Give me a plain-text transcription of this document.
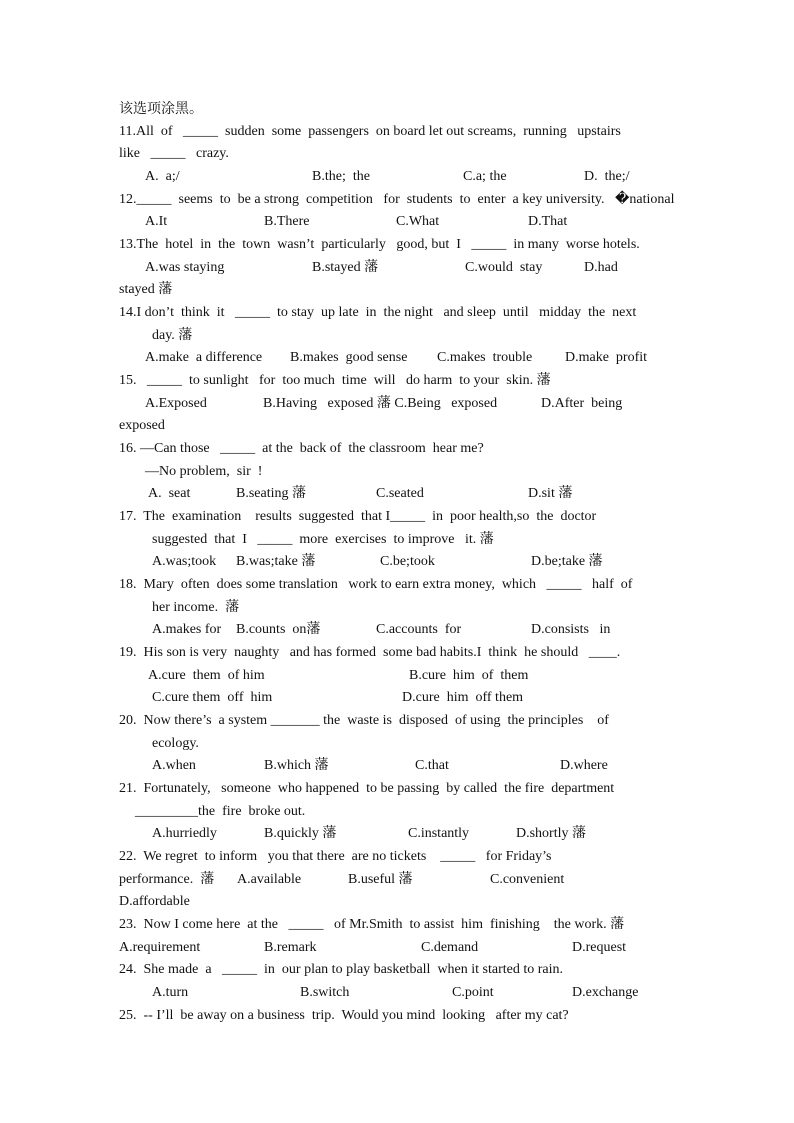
该选项涂黑。
11.All  of   _____  sudden  some  passengers  on board let out screams,  running   upstairs
like   _____   crazy.
A.  a;/	B.the;  the	C.a; the	D.  the;/
12._____  seems  to  be a strong  competition   for  students  to  enter  a key university.   �national
A.It	B.There	C.What	D.That
13.The  hotel  in  the  town  wasn’t  particularly   good, but  I   _____  in many  worse hotels.
A.was staying	B.stayed 藩	C.would  stay	D.had
stayed 藩
14.I don’t  think  it   _____  to stay  up late  in  the night   and sleep  until   midday  the  next
day. 藩
A.make  a difference B.makes  good sense C.makes  trouble D.make  profit
15.   _____  to sunlight   for  too much  time  will   do harm  to your  skin. 藩
A.Exposed	B.Having   exposed 藩 C.Being   exposed	D.After  being
exposed
16. —Can those   _____  at the  back of  the classroom  hear me?
—No problem,  sir  !
A.  seat	B.seating 藩	C.seated	D.sit 藩
17.  The  examination    results  suggested  that I_____  in  poor health,so  the  doctor
suggested  that  I   _____  more  exercises  to improve   it. 藩
A.was;took B.was;take 藩	C.be;took	D.be;take 藩
18.  Mary  often  does some translation   work to earn extra money,  which   _____   half  of
her income.  藩
A.makes for B.counts  on藩	C.accounts  for	D.consists   in
19.  His son is very  naughty   and has formed  some bad habits.I  think  he should   ____.
A.cure  them  of him	B.cure  him  of  them
C.cure them  off  him	D.cure  him  off them
20.  Now there’s  a system _______ the  waste is  disposed  of using  the principles    of
ecology.
A.when	B.which 藩	C.that	D.where
21.  Fortunately,   someone  who happened  to be passing  by called  the fire  department
_________the  fire  broke out.
A.hurriedly	B.quickly 藩	C.instantly	D.shortly 藩
22.  We regret  to inform   you that there  are no tickets    _____   for Friday’s
performance.  藩 A.available	B.useful 藩	C.convenient
D.affordable
23.  Now I come here  at the   _____   of Mr.Smith  to assist  him  finishing    the work. 藩
A.requirement	B.remark	C.demand	D.request
24.  She made  a   _____  in  our plan to play basketball  when it started to rain.
A.turn	B.switch	C.point	D.exchange
25.  -- I’ll  be away on a business  trip.  Would you mind  looking   after my cat?
